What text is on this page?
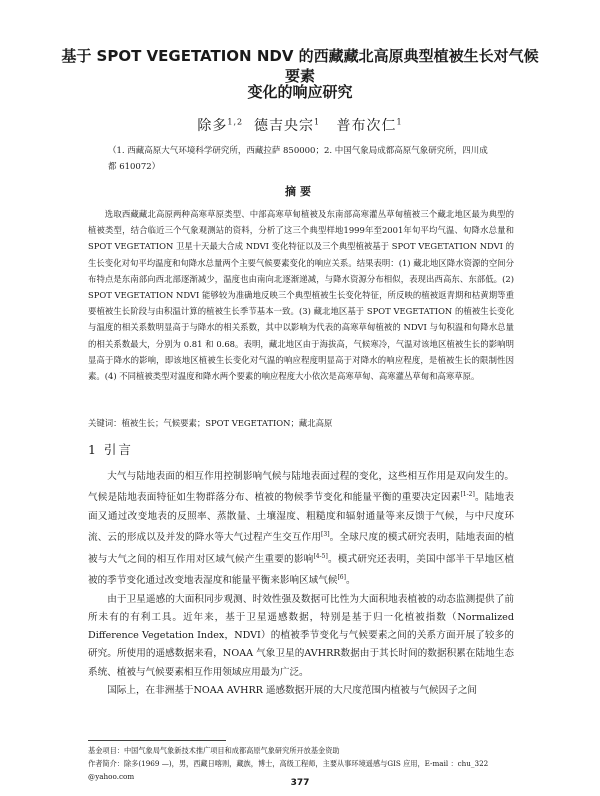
基于 SPOT VEGETATION NDV 的西藏藏北高原典型植被生长对气候要素
变化的响应研究
除多$^{1,2}$ 德吉央宗$^1$ 普布次仁$^1$
（1. 西藏高原大气环境科学研究所，西藏拉萨 850000；2. 中国气象局成都高原气象研究所，四川成都 610072）
摘要
选取西藏藏北高原两种高寒草原类型、中部高寒草甸植被及东南部高寒灌丛草甸植被三个藏北地区最为典型的植被类型，结合临近三个气象观测站的资料，分析了这三个典型样地1999年至2001年旬平均气温、旬降水总量和 SPOT VEGETATION 卫星十天最大合成 NDVI 变化特征以及三个典型植被基于 SPOT VEGETATION NDVI 的生长变化对旬平均温度和旬降水总量两个主要气候要素变化的响应关系。结果表明：(1) 藏北地区降水资源的空间分布特点是东南部向西北部逐渐减少，温度也由南向北逐渐递减，与降水资源分布相似，表现出西高东、东部低。(2) SPOT VEGETATION NDVI 能够较为准确地反映三个典型植被生长变化特征，所反映的植被返青期和枯黄期等重要植被生长阶段与由积温计算的植被生长季节基本一致。(3) 藏北地区基于 SPOT VEGETATION 的植被生长变化与温度的相关系数明显高于与降水的相关系数，其中以影响为代表的高寒草甸植被的 NDVI 与旬积温和旬降水总量的相关系数最大，分别为 0.81 和 0.68。表明，藏北地区由于海拔高，气候寒冷，气温对该地区植被生长的影响明显高于降水的影响，即该地区植被生长变化对气温的响应程度明显高于对降水的响应程度，是植被生长的限制性因素。(4) 不同植被类型对温度和降水两个要素的响应程度大小依次是高寒草甸、高寒灌丛草甸和高寒草原。
关键词：植被生长；气候要素；SPOT VEGETATION；藏北高原
1 引言

大气与陆地表面的相互作用控制影响气候与陆地表面过程的变化，这些相互作用是双向发生的。气候是陆地表面特征如生物群落分布、植被的物候季节变化和能量平衡的重要决定因素[1-2]。陆地表面又通过改变地表的反照率、蒸散量、土壤湿度、粗糙度和辐射通量等来反馈于气候，与中尺度环流、云的形成以及并发的降水等大气过程产生交互作用[3]。全球尺度的模式研究表明，陆地表面的植被与大气之间的相互作用对区域气候产生重要的影响[4-5]。模式研究还表明，美国中部半干旱地区植被的季节变化通过改变地表湿度和能量平衡来影响区域气候[6]。

由于卫星遥感的大面积同步观测、时效性强及数据可比性为大面积地表植被的动态监测提供了前所未有的有利工具。近年来，基于卫星遥感数据，特别是基于归一化植被指数（Normalized Difference Vegetation Index，NDVI）的植被季节变化与气候要素之间的关系方面开展了较多的研究。所使用的遥感数据来看，NOAA 气象卫星的AVHRR数据由于其长时间的数据积累在陆地生态系统、植被与气候要素相互作用领域应用最为广泛。

国际上，在非洲基于NOAA AVHRR 遥感数据开展的大尺度范围内植被与气候因子之间

基金项目：中国气象局气象新技术推广项目和成都高原气象研究所开放基金资助
作者简介：除多(1969 —)，男，西藏日喀则，藏族，博士，高级工程师，主要从事环境遥感与GIS 应用，E-mail ：chu_322
@yahoo.com
377
